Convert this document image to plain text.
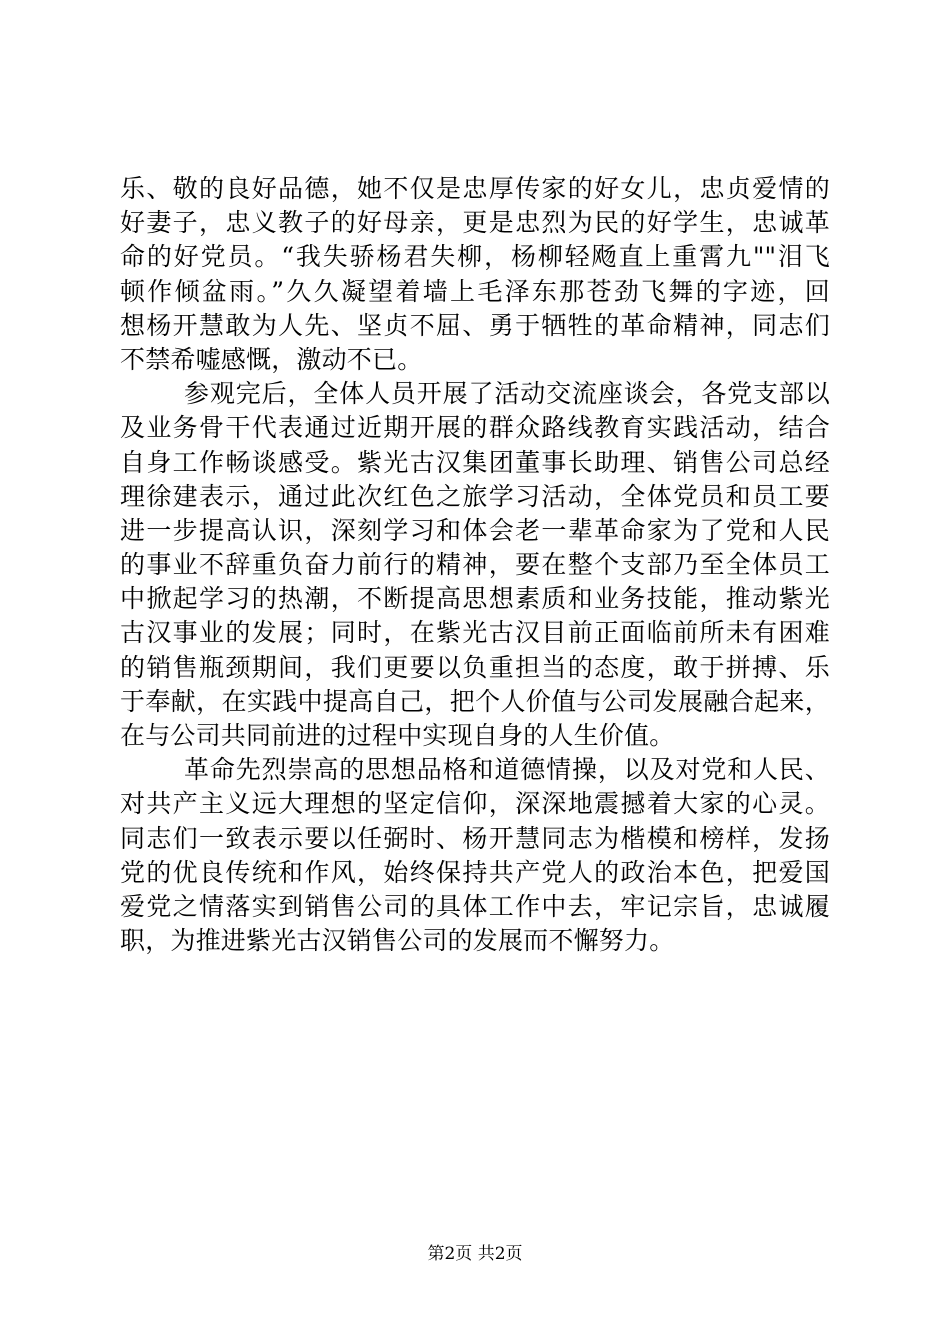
乐、敬的良好品德，她不仅是忠厚传家的好女儿，忠贞爱情的
好妻子，忠义教子的好母亲，更是忠烈为民的好学生，忠诚革
命的好党员。“我失骄杨君失柳，杨柳轻飏直上重霄九""泪飞
顿作倾盆雨。”久久凝望着墙上毛泽东那苍劲飞舞的字迹，回
想杨开慧敢为人先、坚贞不屈、勇于牺牲的革命精神，同志们
不禁希嘘感慨，激动不已。
参观完后，全体人员开展了活动交流座谈会，各党支部以
及业务骨干代表通过近期开展的群众路线教育实践活动，结合
自身工作畅谈感受。紫光古汉集团董事长助理、销售公司总经
理徐建表示，通过此次红色之旅学习活动，全体党员和员工要
进一步提高认识，深刻学习和体会老一辈革命家为了党和人民
的事业不辞重负奋力前行的精神，要在整个支部乃至全体员工
中掀起学习的热潮，不断提高思想素质和业务技能，推动紫光
古汉事业的发展；同时，在紫光古汉目前正面临前所未有困难
的销售瓶颈期间，我们更要以负重担当的态度，敢于拼搏、乐
于奉献，在实践中提高自己，把个人价值与公司发展融合起来，
在与公司共同前进的过程中实现自身的人生价值。
革命先烈崇高的思想品格和道德情操，以及对党和人民、
对共产主义远大理想的坚定信仰，深深地震撼着大家的心灵。
同志们一致表示要以任弼时、杨开慧同志为楷模和榜样，发扬
党的优良传统和作风，始终保持共产党人的政治本色，把爱国
爱党之情落实到销售公司的具体工作中去，牢记宗旨，忠诚履
职，为推进紫光古汉销售公司的发展而不懈努力。
第2页 共2页
